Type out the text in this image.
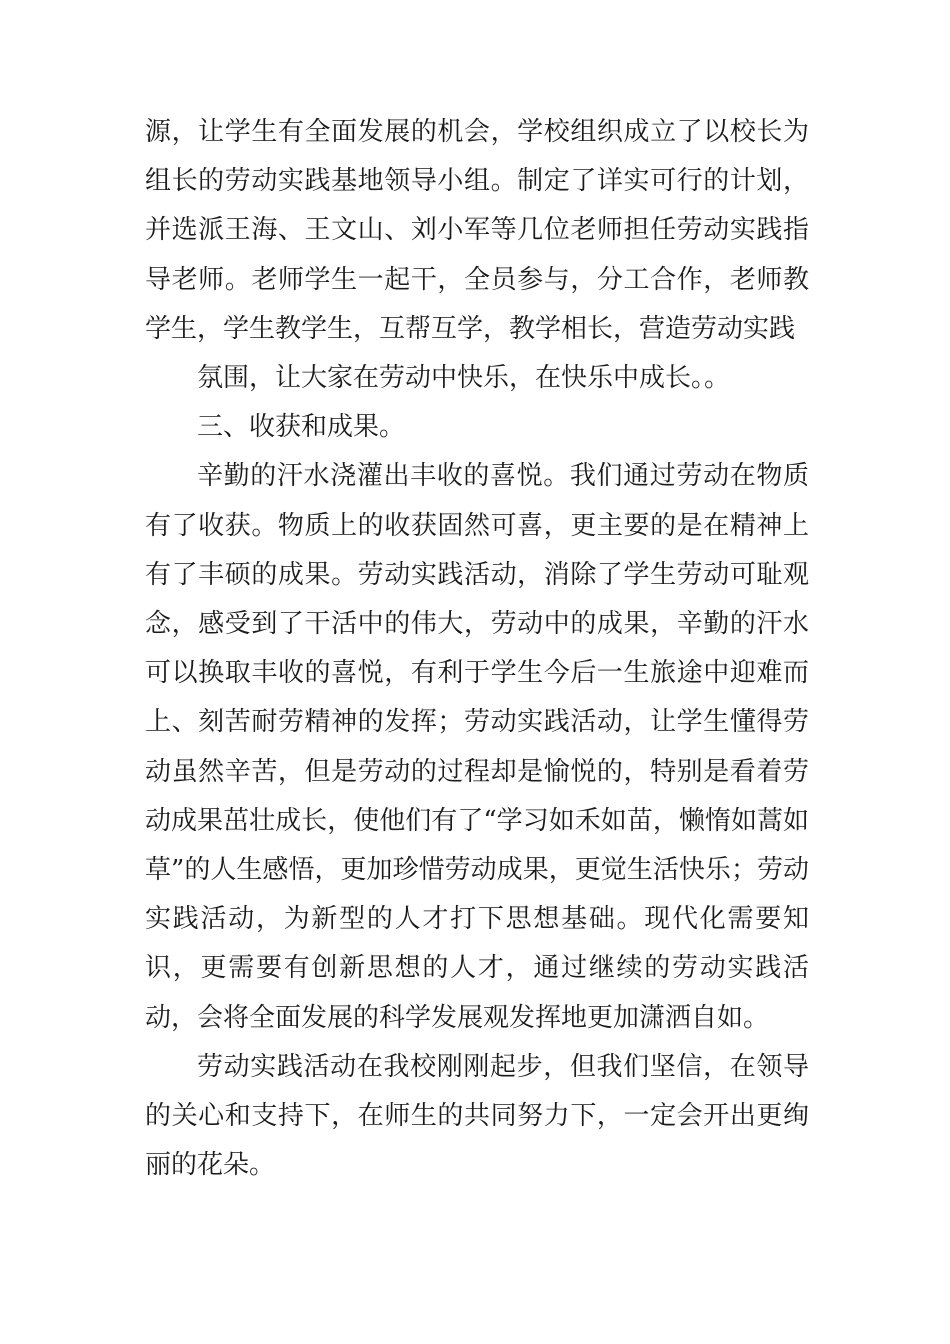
源，让学生有全面发展的机会，学校组织成立了以校长为组长的劳动实践基地领导小组。制定了详实可行的计划，并选派王海、王文山、刘小军等几位老师担任劳动实践指导老师。老师学生一起干，全员参与，分工合作，老师教学生，学生教学生，互帮互学，教学相长，营造劳动实践

氛围，让大家在劳动中快乐，在快乐中成长。。

三、收获和成果。

辛勤的汗水浇灌出丰收的喜悦。我们通过劳动在物质有了收获。物质上的收获固然可喜，更主要的是在精神上有了丰硕的成果。劳动实践活动，消除了学生劳动可耻观念，感受到了干活中的伟大，劳动中的成果，辛勤的汗水可以换取丰收的喜悦，有利于学生今后一生旅途中迎难而上、刻苦耐劳精神的发挥；劳动实践活动，让学生懂得劳动虽然辛苦，但是劳动的过程却是愉悦的，特别是看着劳动成果茁壮成长，使他们有了“学习如禾如苗，懒惰如蒿如草”的人生感悟，更加珍惜劳动成果，更觉生活快乐；劳动实践活动，为新型的人才打下思想基础。现代化需要知识，更需要有创新思想的人才，通过继续的劳动实践活动，会将全面发展的科学发展观发挥地更加潇洒自如。

劳动实践活动在我校刚刚起步，但我们坚信，在领导的关心和支持下，在师生的共同努力下，一定会开出更绚丽的花朵。
